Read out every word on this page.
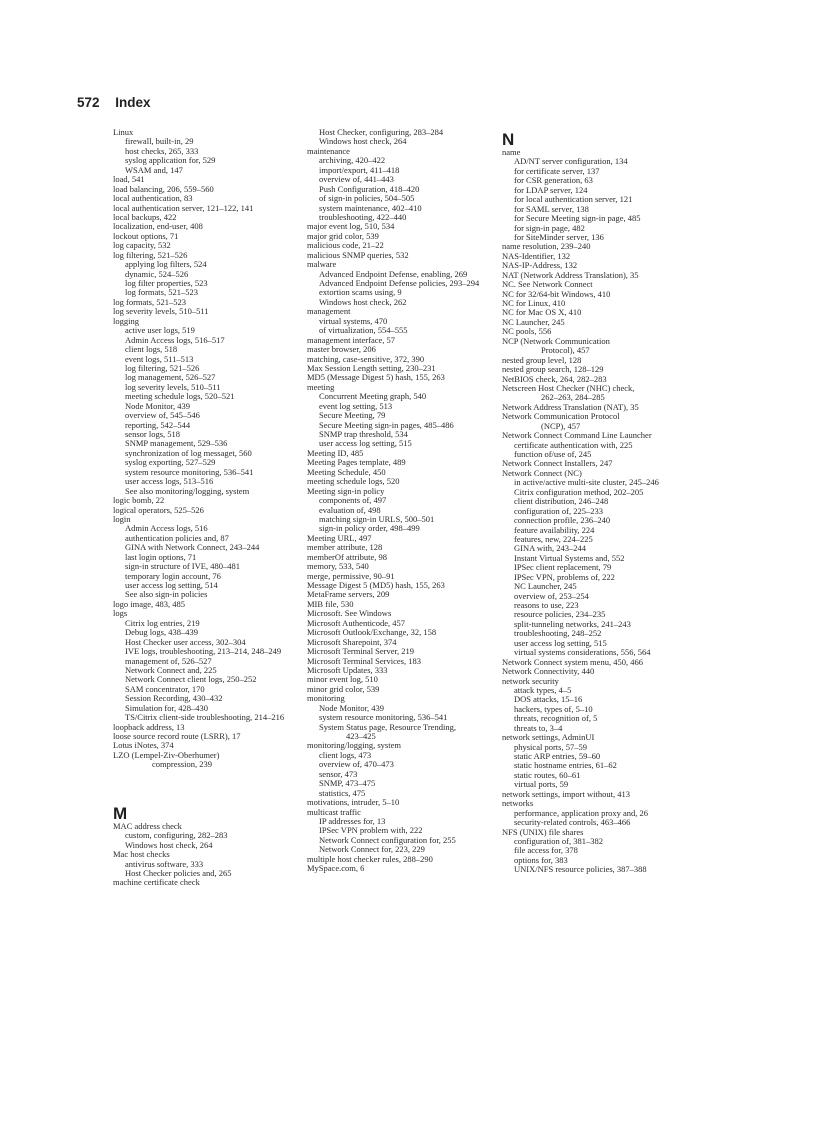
572 Index
Linux
firewall, built-in, 29
host checks, 265, 333
syslog application for, 529
WSAM and, 147
load, 541
load balancing, 206, 559–560
local authentication, 83
local authentication server, 121–122, 141
local backups, 422
localization, end-user, 408
lockout options, 71
log capacity, 532
log filtering, 521–526
applying log filters, 524
dynamic, 524–526
log filter properties, 523
log formats, 521–523
log formats, 521–523
log severity levels, 510–511
logging
active user logs, 519
Admin Access logs, 516–517
client logs, 518
event logs, 511–513
log filtering, 521–526
log management, 526–527
log severity levels, 510–511
meeting schedule logs, 520–521
Node Monitor, 439
overview of, 545–546
reporting, 542–544
sensor logs, 518
SNMP management, 529–536
synchronization of log messaget, 560
syslog exporting, 527–529
system resource monitoring, 536–541
user access logs, 513–516
See also monitoring/logging, system
logic bomb, 22
logical operators, 525–526
login
Admin Access logs, 516
authentication policies and, 87
GINA with Network Connect, 243–244
last login options, 71
sign-in structure of IVE, 480–481
temporary login account, 76
user access log setting, 514
See also sign-in policies
logo image, 483, 485
logs
Citrix log entries, 219
Debug logs, 438–439
Host Checker user access, 302–304
IVE logs, troubleshooting, 213–214, 248–249
management of, 526–527
Network Connect and, 225
Network Connect client logs, 250–252
SAM concentrator, 170
Session Recording, 430–432
Simulation for, 428–430
TS/Citrix client-side troubleshooting, 214–216
loopback address, 13
loose source record route (LSRR), 17
Lotus iNotes, 374
LZO (Lempel-Ziv-Oberhumer)
compression, 239
M
MAC address check
custom, configuring, 282–283
Windows host check, 264
Mac host checks
antivirus software, 333
Host Checker policies and, 265
machine certificate check
Host Checker, configuring, 283–284
Windows host check, 264
maintenance
archiving, 420–422
import/export, 411–418
overview of, 441–443
Push Configuration, 418–420
of sign-in policies, 504–505
system maintenance, 402–410
troubleshooting, 422–440
major event log, 510, 534
major grid color, 539
malicious code, 21–22
malicious SNMP queries, 532
malware
Advanced Endpoint Defense, enabling, 269
Advanced Endpoint Defense policies, 293–294
extortion scams using, 9
Windows host check, 262
management
virtual systems, 470
of virtualization, 554–555
management interface, 57
master browser, 206
matching, case-sensitive, 372, 390
Max Session Length setting, 230–231
MD5 (Message Digest 5) hash, 155, 263
meeting
Concurrent Meeting graph, 540
event log setting, 513
Secure Meeting, 79
Secure Meeting sign-in pages, 485–486
SNMP trap threshold, 534
user access log setting, 515
Meeting ID, 485
Meeting Pages template, 489
Meeting Schedule, 450
meeting schedule logs, 520
Meeting sign-in policy
components of, 497
evaluation of, 498
matching sign-in URLS, 500–501
sign-in policy order, 498–499
Meeting URL, 497
member attribute, 128
memberOf attribute, 98
memory, 533, 540
merge, permissive, 90–91
Message Digest 5 (MD5) hash, 155, 263
MetaFrame servers, 209
MIB file, 530
Microsoft. See Windows
Microsoft Authenticode, 457
Microsoft Outlook/Exchange, 32, 158
Microsoft Sharepoint, 374
Microsoft Terminal Server, 219
Microsoft Terminal Services, 183
Microsoft Updates, 333
minor event log, 510
minor grid color, 539
monitoring
Node Monitor, 439
system resource monitoring, 536–541
System Status page, Resource Trending,
423–425
monitoring/logging, system
client logs, 473
overview of, 470–473
sensor, 473
SNMP, 473–475
statistics, 475
motivations, intruder, 5–10
multicast traffic
IP addresses for, 13
IPSec VPN problem with, 222
Network Connect configuration for, 255
Network Connect for, 223, 229
multiple host checker rules, 288–290
MySpace.com, 6
N
name
AD/NT server configuration, 134
for certificate server, 137
for CSR generation, 63
for LDAP server, 124
for local authentication server, 121
for SAML server, 138
for Secure Meeting sign-in page, 485
for sign-in page, 482
for SiteMinder server, 136
name resolution, 239–240
NAS-Identifier, 132
NAS-IP-Address, 132
NAT (Network Address Translation), 35
NC. See Network Connect
NC for 32/64-bit Windows, 410
NC for Linux, 410
NC for Mac OS X, 410
NC Launcher, 245
NC pools, 556
NCP (Network Communication
Protocol), 457
nested group level, 128
nested group search, 128–129
NetBIOS check, 264, 282–283
Netscreen Host Checker (NHC) check,
262–263, 284–285
Network Address Translation (NAT), 35
Network Communication Protocol
(NCP), 457
Network Connect Command Line Launcher
certificate authentication with, 225
function of/use of, 245
Network Connect Installers, 247
Network Connect (NC)
in active/active multi-site cluster, 245–246
Citrix configuration method, 202–205
client distribution, 246–248
configuration of, 225–233
connection profile, 236–240
feature availability, 224
features, new, 224–225
GINA with, 243–244
Instant Virtual Systems and, 552
IPSec client replacement, 79
IPSec VPN, problems of, 222
NC Launcher, 245
overview of, 253–254
reasons to use, 223
resource policies, 234–235
split-tunneling networks, 241–243
troubleshooting, 248–252
user access log setting, 515
virtual systems considerations, 556, 564
Network Connect system menu, 450, 466
Network Connectivity, 440
network security
attack types, 4–5
DOS attacks, 15–16
hackers, types of, 5–10
threats, recognition of, 5
threats to, 3–4
network settings, AdminUI
physical ports, 57–59
static ARP entries, 59–60
static hostname entries, 61–62
static routes, 60–61
virtual ports, 59
network settings, import without, 413
networks
performance, application proxy and, 26
security-related controls, 463–466
NFS (UNIX) file shares
configuration of, 381–382
file access for, 378
options for, 383
UNIX/NFS resource policies, 387–388
